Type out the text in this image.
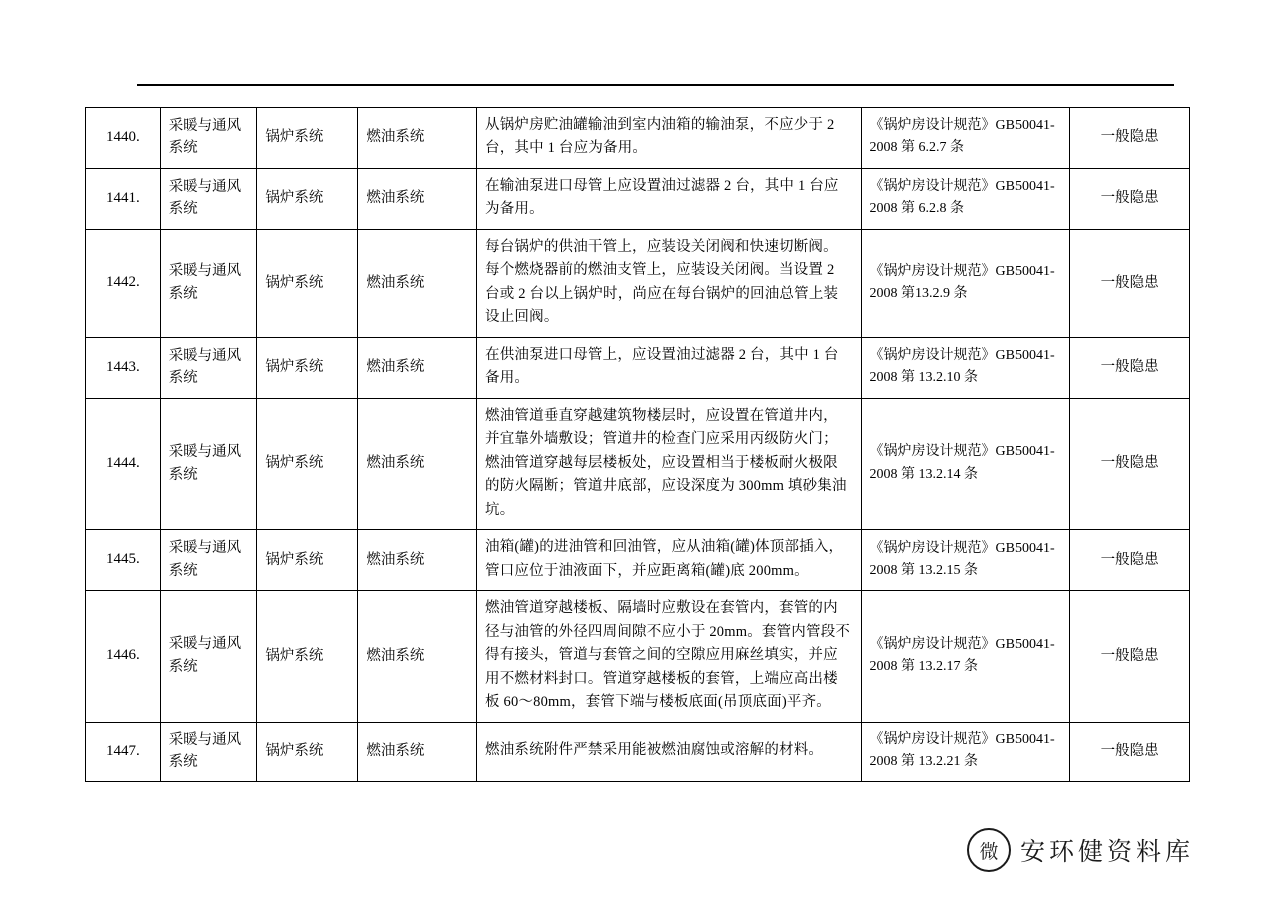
1440.	采暖与通风系统	锅炉系统	燃油系统	从锅炉房贮油罐输油到室内油箱的输油泵，不应少于 2 台，其中 1 台应为备用。	《锅炉房设计规范》GB50041-2008 第 6.2.7 条	一般隐患
1441.	采暖与通风系统	锅炉系统	燃油系统	在输油泵进口母管上应设置油过滤器 2 台，其中 1 台应为备用。	《锅炉房设计规范》GB50041-2008 第 6.2.8 条	一般隐患
1442.	采暖与通风系统	锅炉系统	燃油系统	每台锅炉的供油干管上，应装设关闭阀和快速切断阀。每个燃烧器前的燃油支管上，应装设关闭阀。当设置 2 台或 2 台以上锅炉时，尚应在每台锅炉的回油总管上装设止回阀。	《锅炉房设计规范》GB50041-2008 第13.2.9 条	一般隐患
1443.	采暖与通风系统	锅炉系统	燃油系统	在供油泵进口母管上，应设置油过滤器 2 台，其中 1 台备用。	《锅炉房设计规范》GB50041-2008 第 13.2.10 条	一般隐患
1444.	采暖与通风系统	锅炉系统	燃油系统	燃油管道垂直穿越建筑物楼层时，应设置在管道井内，并宜靠外墙敷设；管道井的检查门应采用丙级防火门；燃油管道穿越每层楼板处，应设置相当于楼板耐火极限的防火隔断；管道井底部，应设深度为 300mm 填砂集油坑。	《锅炉房设计规范》GB50041-2008 第 13.2.14 条	一般隐患
1445.	采暖与通风系统	锅炉系统	燃油系统	油箱(罐)的进油管和回油管，应从油箱(罐)体顶部插入，管口应位于油液面下，并应距离箱(罐)底 200mm。	《锅炉房设计规范》GB50041-2008 第 13.2.15 条	一般隐患
1446.	采暖与通风系统	锅炉系统	燃油系统	燃油管道穿越楼板、隔墙时应敷设在套管内，套管的内径与油管的外径四周间隙不应小于 20mm。套管内管段不得有接头，管道与套管之间的空隙应用麻丝填实，并应用不燃材料封口。管道穿越楼板的套管，上端应高出楼板 60～80mm，套管下端与楼板底面(吊顶底面)平齐。	《锅炉房设计规范》GB50041-2008 第 13.2.17 条	一般隐患
1447.	采暖与通风系统	锅炉系统	燃油系统	燃油系统附件严禁采用能被燃油腐蚀或溶解的材料。	《锅炉房设计规范》GB50041-2008 第 13.2.21 条	一般隐患
微 安环健资料库
